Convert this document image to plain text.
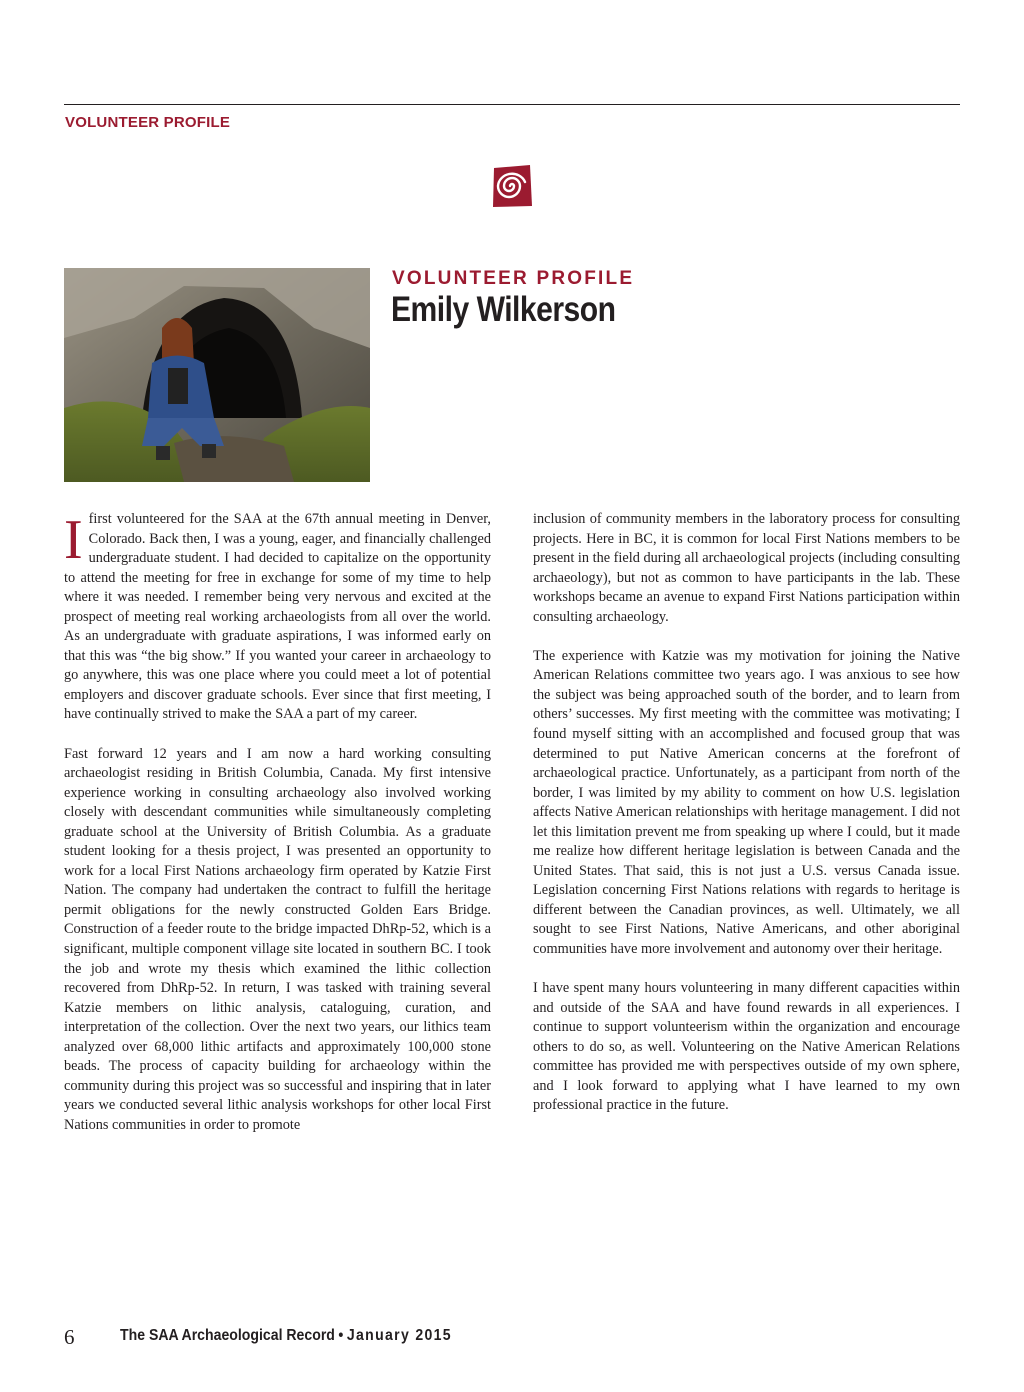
VOLUNTEER PROFILE
VOLUNTEER PROFILE
Emily Wilkerson

I first volunteered for the SAA at the 67th annual meeting in Denver, Colorado. Back then, I was a young, eager, and financially challenged undergraduate student. I had decided to capitalize on the opportunity to attend the meeting for free in exchange for some of my time to help where it was needed. I remember being very nervous and excited at the prospect of meeting real working archaeologists from all over the world. As an undergraduate with graduate aspirations, I was informed early on that this was “the big show.” If you wanted your career in archaeology to go anywhere, this was one place where you could meet a lot of potential employers and discover graduate schools. Ever since that first meeting, I have continually strived to make the SAA a part of my career.

Fast forward 12 years and I am now a hard working consulting archaeologist residing in British Columbia, Canada. My first intensive experience working in consulting archaeology also involved working closely with descendant communities while simultaneously completing graduate school at the University of British Columbia. As a graduate student looking for a thesis project, I was presented an opportunity to work for a local First Nations archaeology firm operated by Katzie First Nation. The company had undertaken the contract to fulfill the heritage permit obligations for the newly constructed Golden Ears Bridge. Construction of a feeder route to the bridge impacted DhRp-52, which is a significant, multiple component village site located in southern BC. I took the job and wrote my thesis which examined the lithic collection recovered from DhRp-52. In return, I was tasked with training several Katzie members on lithic analysis, cataloguing, curation, and interpretation of the collection. Over the next two years, our lithics team analyzed over 68,000 lithic artifacts and approximately 100,000 stone beads. The process of capacity building for archaeology within the community during this project was so successful and inspiring that in later years we conducted several lithic analysis workshops for other local First Nations communities in order to promote

inclusion of community members in the laboratory process for consulting projects. Here in BC, it is common for local First Nations members to be present in the field during all archaeological projects (including consulting archaeology), but not as common to have participants in the lab. These workshops became an avenue to expand First Nations participation within consulting archaeology.

The experience with Katzie was my motivation for joining the Native American Relations committee two years ago. I was anxious to see how the subject was being approached south of the border, and to learn from others’ successes. My first meeting with the committee was motivating; I found myself sitting with an accomplished and focused group that was determined to put Native American concerns at the forefront of archaeological practice. Unfortunately, as a participant from north of the border, I was limited by my ability to comment on how U.S. legislation affects Native American relationships with heritage management. I did not let this limitation prevent me from speaking up where I could, but it made me realize how different heritage legislation is between Canada and the United States. That said, this is not just a U.S. versus Canada issue. Legislation concerning First Nations relations with regards to heritage is different between the Canadian provinces, as well. Ultimately, we all sought to see First Nations, Native Americans, and other aboriginal communities have more involvement and autonomy over their heritage.

I have spent many hours volunteering in many different capacities within and outside of the SAA and have found rewards in all experiences. I continue to support volunteerism within the organization and encourage others to do so, as well. Volunteering on the Native American Relations committee has provided me with perspectives outside of my own sphere, and I look forward to applying what I have learned to my own professional practice in the future.

6	The SAA Archaeological Record • January 2015
